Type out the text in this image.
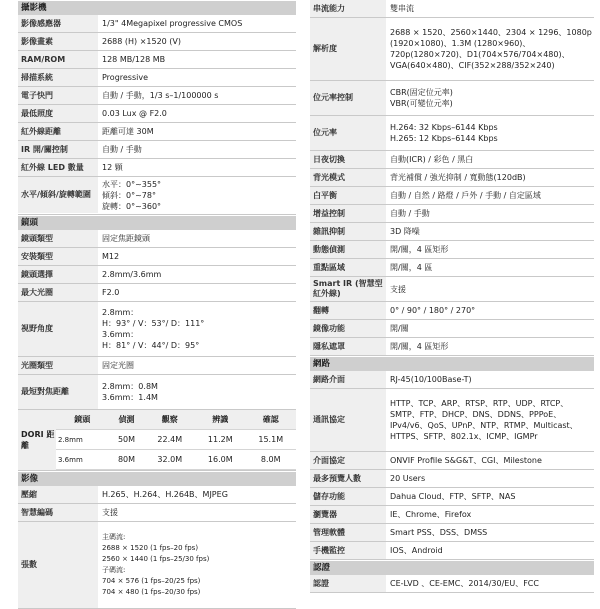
攝影機
影像感應器	1/3" 4Megapixel progressive CMOS
影像畫素	2688 (H) ×1520 (V)
RAM/ROM	128 MB/128 MB
掃描系統	Progressive
電子快門	自動 / 手動，1/3 s–1/100000 s
最低照度	0.03 Lux @ F2.0
紅外線距離	距離可達 30M
IR 開/關控制	自動 / 手動
紅外線 LED 數量	12 顆
水平/傾斜/旋轉範圍
水平：0°~355°
傾斜：0°~78°
旋轉：0°~360°
鏡頭
鏡頭類型	固定焦距鏡頭
安裝類型	M12
鏡頭選擇	2.8mm/3.6mm
最大光圈	F2.0
視野角度
2.8mm：
H：93° / V：53°/ D：111°
3.6mm：
H：81° / V：44°/ D：95°
光圈類型	固定光圈
最短對焦距離
2.8mm：0.8M
3.6mm：1.4M
DORI 距離
鏡頭	偵測	觀察	辨識	確認
2.8mm	50M	22.4M	11.2M	15.1M
3.6mm	80M	32.0M	16.0M	8.0M
影像
壓縮	H.265、H.264、H.264B、MJPEG
智慧編碼	支援
張數
主碼流:
2688 × 1520 (1 fps–20 fps)
2560 × 1440 (1 fps–25/30 fps)
子碼流:
704 × 576 (1 fps–20/25 fps)
704 × 480 (1 fps–20/30 fps)
串流能力	雙串流
解析度
2688 × 1520、2560×1440、2304 × 1296、1080p
(1920×1080)、1.3M (1280×960)、
720p(1280×720)、D1(704×576/704×480)、
VGA(640×480)、CIF(352×288/352×240)
位元率控制
CBR(固定位元率)
VBR(可變位元率)
位元率
H.264: 32 Kbps–6144 Kbps
H.265: 12 Kbps–6144 Kbps
日夜切換	自動(ICR) / 彩色 / 黑白
背光模式	背光補償 / 強光抑制 / 寬動態(120dB)
白平衡	自動 / 自然 / 路燈 / 戶外 / 手動 / 自定區域
增益控制	自動 / 手動
雜訊抑制	3D 降噪
動態偵測	開/關，4 區矩形
重點區域	開/關，4 區
Smart IR (智慧型紅外線)	支援
翻轉	0° / 90° / 180° / 270°
鏡像功能	開/關
隱私遮罩	開/關，4 區矩形
網路
網路介面	RJ-45(10/100Base-T)
通訊協定
HTTP、TCP、ARP、RTSP、RTP、UDP、RTCP、
SMTP、FTP、DHCP、DNS、DDNS、PPPoE、
IPv4/v6、QoS、UPnP、NTP、RTMP、Multicast、
HTTPS、SFTP、802.1x、ICMP、IGMPr
介面協定	ONVIF Profile S&G&T、CGI、Milestone
最多預覽人數	20 Users
儲存功能	Dahua Cloud、FTP、SFTP、NAS
瀏覽器	IE、Chrome、Firefox
管理軟體	Smart PSS、DSS、DMSS
手機監控	IOS、Android
認證
認證	CE-LVD 、CE-EMC、2014/30/EU、FCC
